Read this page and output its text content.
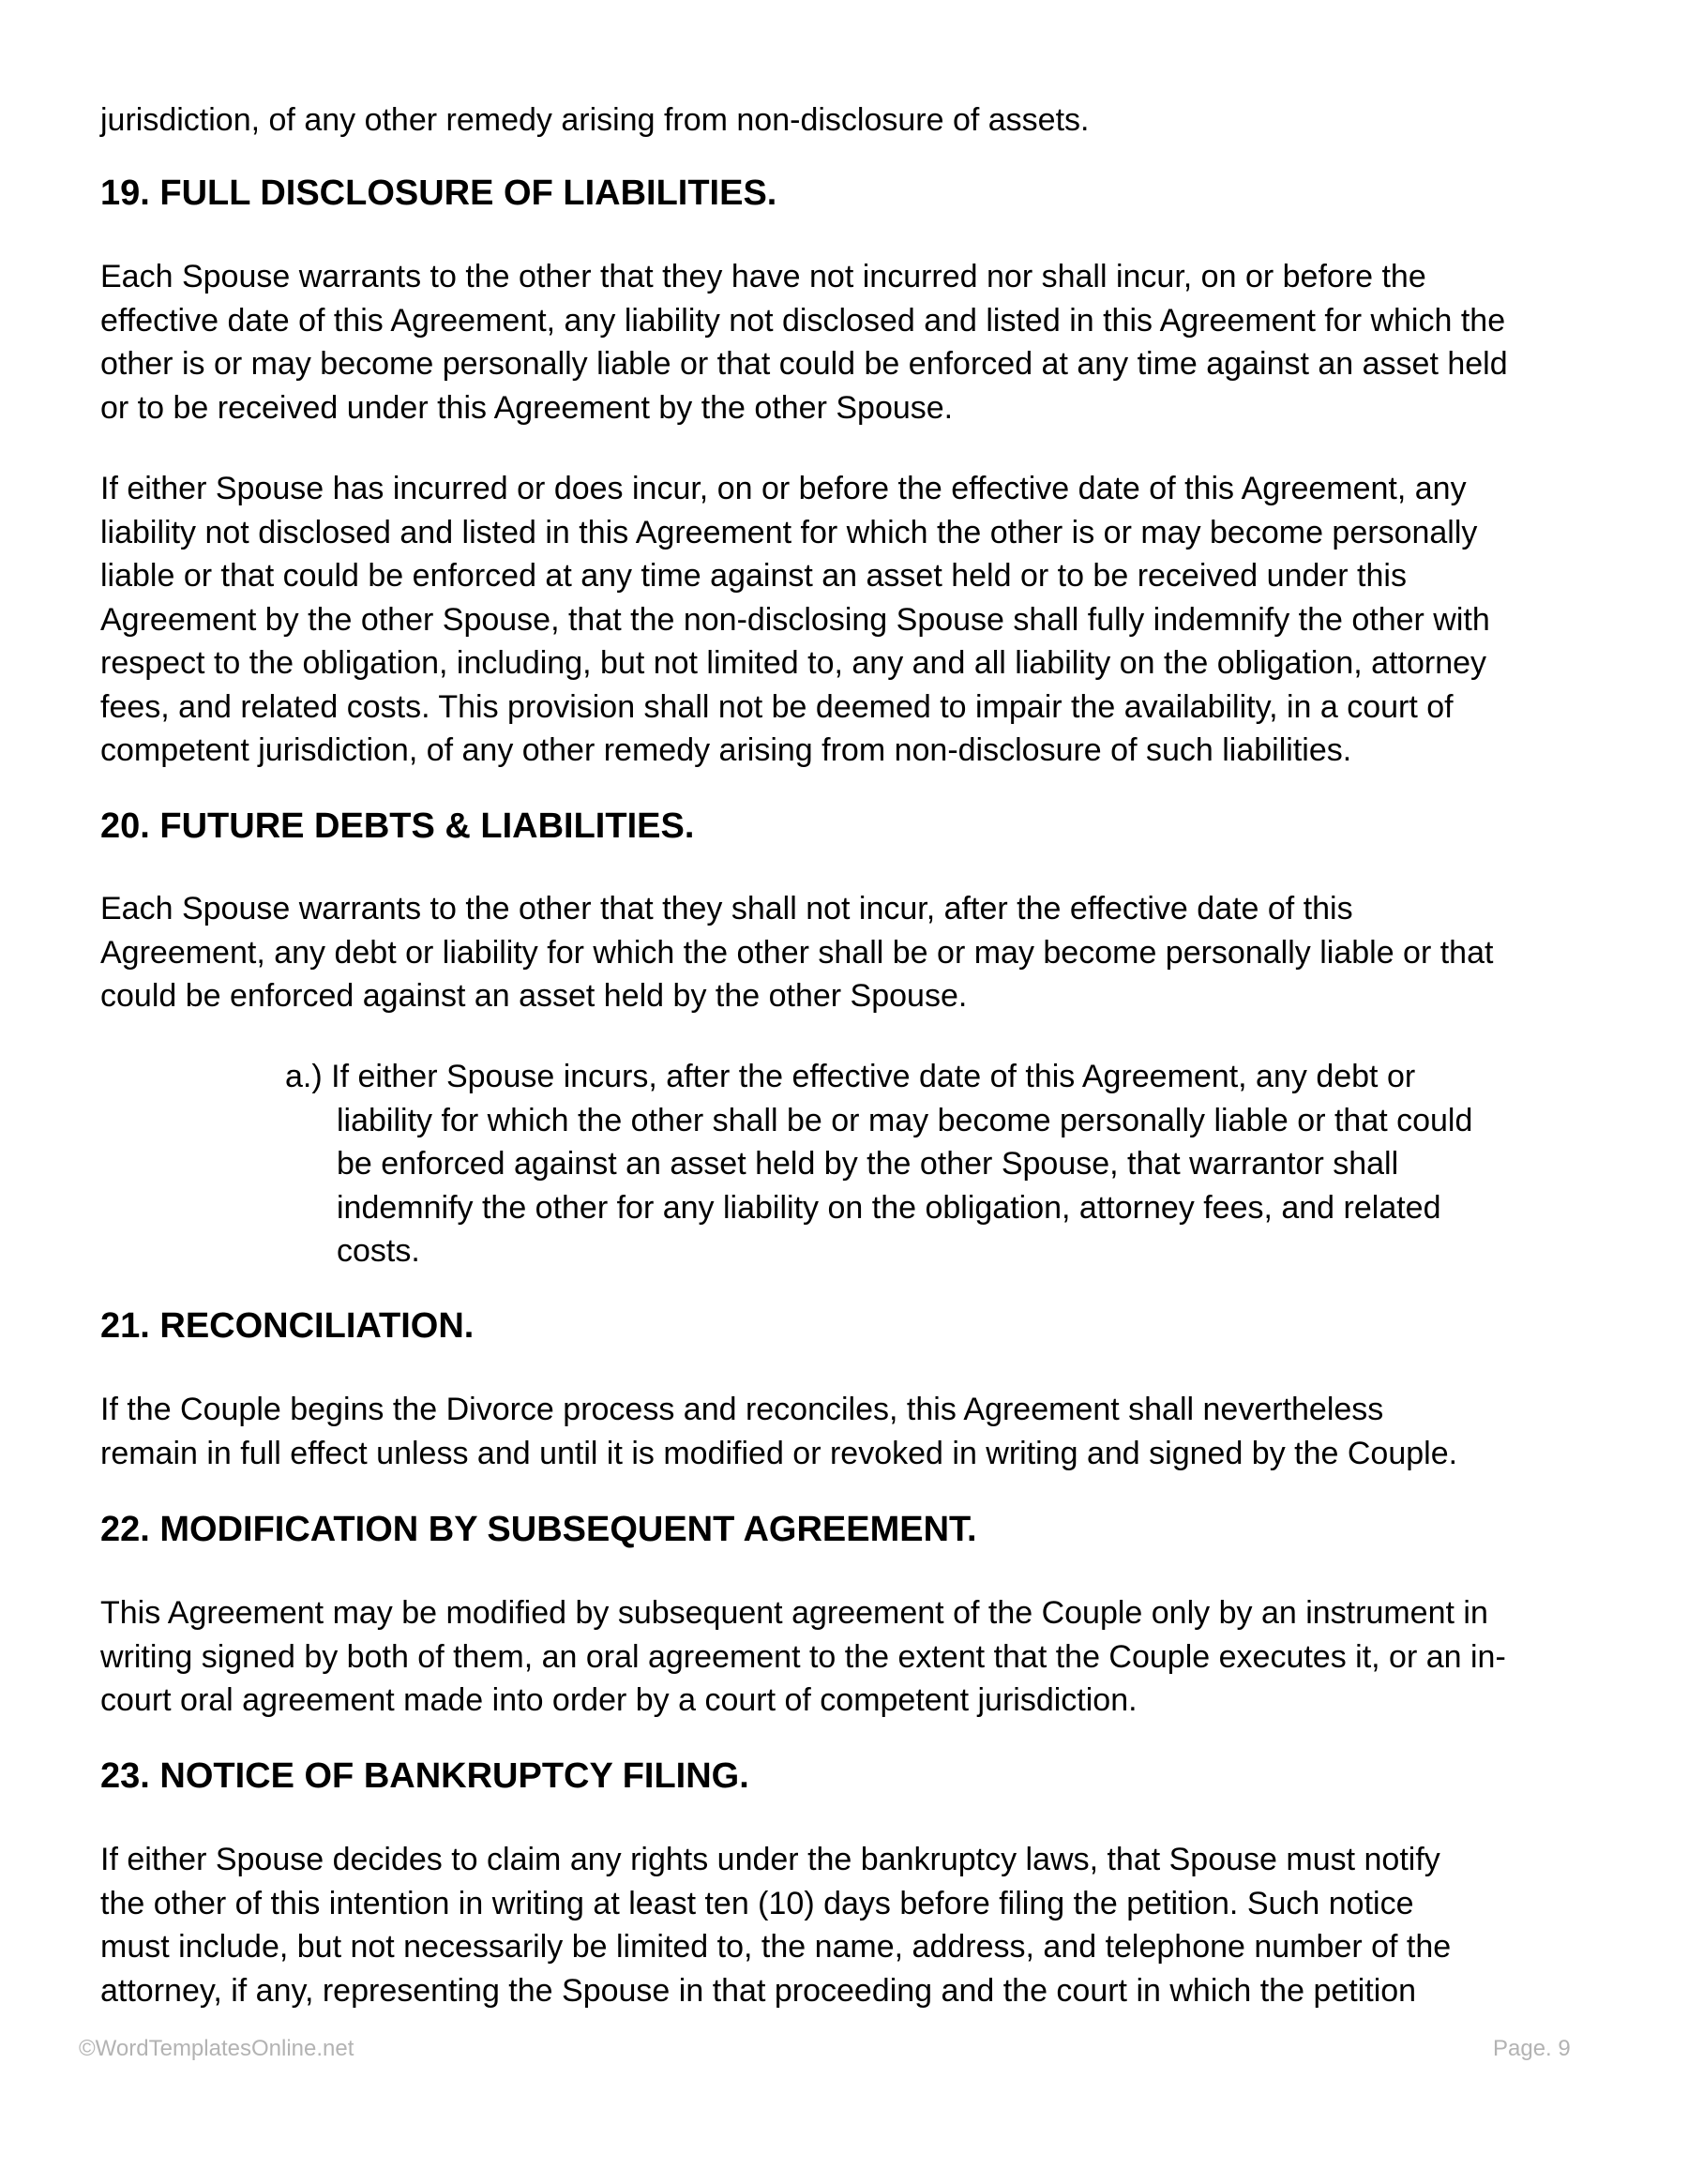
jurisdiction, of any other remedy arising from non-disclosure of assets.

19. FULL DISCLOSURE OF LIABILITIES.
Each Spouse warrants to the other that they have not incurred nor shall incur, on or before the
effective date of this Agreement, any liability not disclosed and listed in this Agreement for which the
other is or may become personally liable or that could be enforced at any time against an asset held
or to be received under this Agreement by the other Spouse.
If either Spouse has incurred or does incur, on or before the effective date of this Agreement, any
liability not disclosed and listed in this Agreement for which the other is or may become personally
liable or that could be enforced at any time against an asset held or to be received under this
Agreement by the other Spouse, that the non-disclosing Spouse shall fully indemnify the other with
respect to the obligation, including, but not limited to, any and all liability on the obligation, attorney
fees, and related costs. This provision shall not be deemed to impair the availability, in a court of
competent jurisdiction, of any other remedy arising from non-disclosure of such liabilities.
20. FUTURE DEBTS & LIABILITIES.
Each Spouse warrants to the other that they shall not incur, after the effective date of this
Agreement, any debt or liability for which the other shall be or may become personally liable or that
could be enforced against an asset held by the other Spouse.
a.) If either Spouse incurs, after the effective date of this Agreement, any debt or
liability for which the other shall be or may become personally liable or that could
be enforced against an asset held by the other Spouse, that warrantor shall
indemnify the other for any liability on the obligation, attorney fees, and related
costs.
21. RECONCILIATION.
If the Couple begins the Divorce process and reconciles, this Agreement shall nevertheless
remain in full effect unless and until it is modified or revoked in writing and signed by the Couple.
22. MODIFICATION BY SUBSEQUENT AGREEMENT.
This Agreement may be modified by subsequent agreement of the Couple only by an instrument in
writing signed by both of them, an oral agreement to the extent that the Couple executes it, or an in-
court oral agreement made into order by a court of competent jurisdiction.
23. NOTICE OF BANKRUPTCY FILING.
If either Spouse decides to claim any rights under the bankruptcy laws, that Spouse must notify
the other of this intention in writing at least ten (10) days before filing the petition. Such notice
must include, but not necessarily be limited to, the name, address, and telephone number of the
attorney, if any, representing the Spouse in that proceeding and the court in which the petition
©WordTemplatesOnline.net	Page. 9
